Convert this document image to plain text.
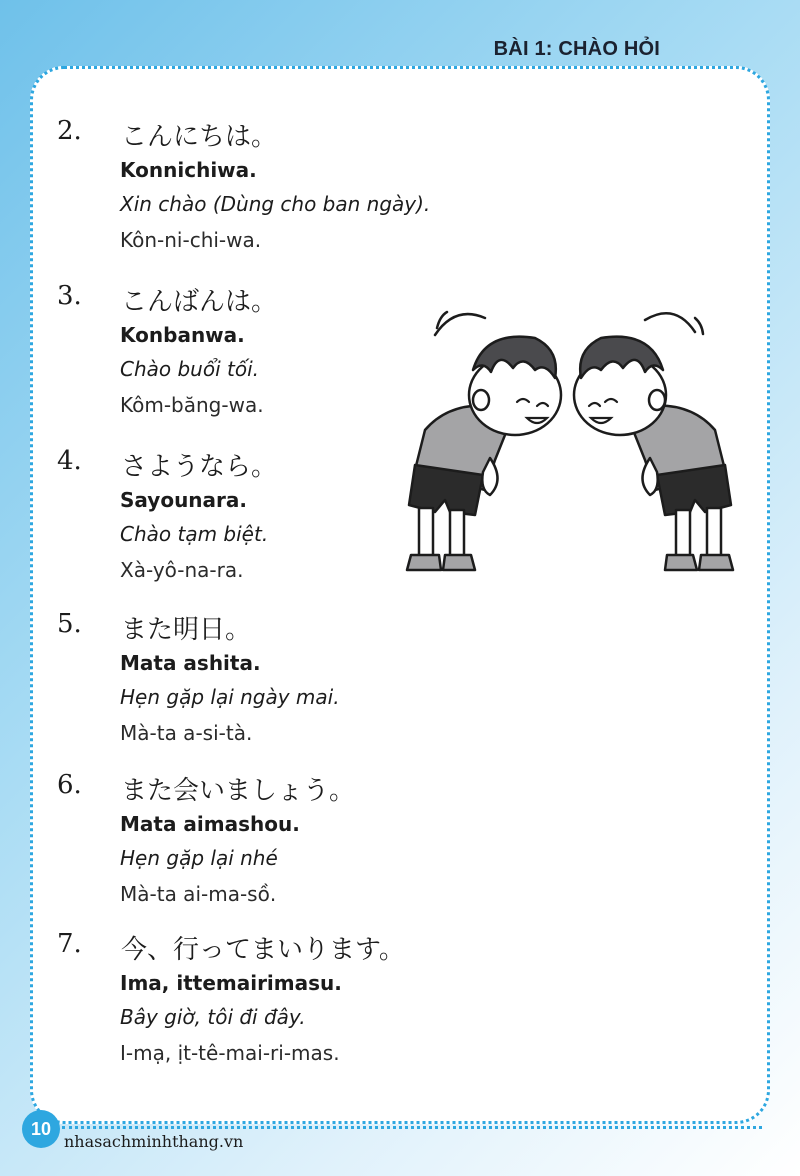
BÀI 1: CHÀO HỎI
2. こんにちは。
Konnichiwa.
Xin chào (Dùng cho ban ngày).
Kôn-ni-chi-wa.
3. こんばんは。
Konbanwa.
Chào buổi tối.
Kôm-băng-wa.
4. さようなら。
Sayounara.
Chào tạm biệt.
Xà-yô-na-ra.
5. また明日。
Mata ashita.
Hẹn gặp lại ngày mai.
Mà-ta a-si-tà.
6. また会いましょう。
Mata aimashou.
Hẹn gặp lại nhé
Mà-ta ai-ma-sồ.
7. 今、行ってまいります。
Ima, ittemairimasu.
Bây giờ, tôi đi đây.
I-mạ, ịt-tê-mai-ri-mas.
10
nhasachminhthang.vn
